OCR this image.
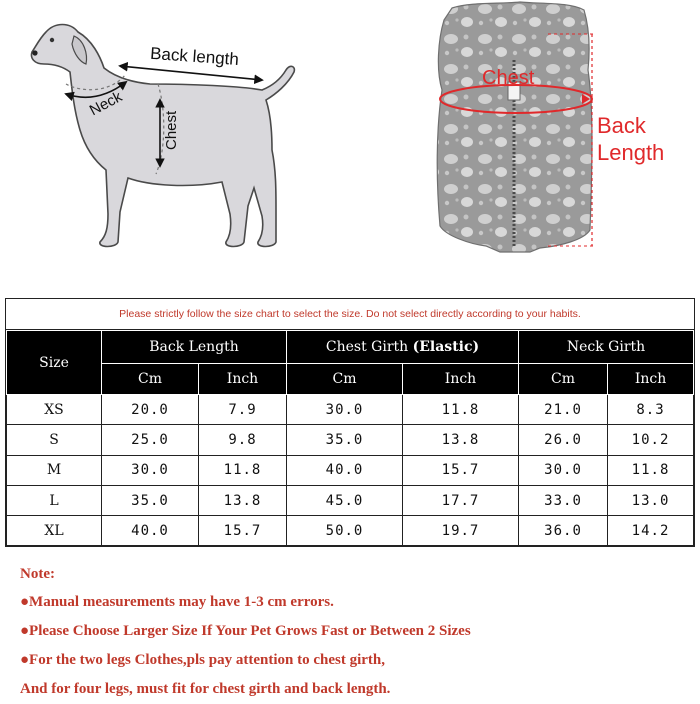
Back length
Neck
Chest
Chest
Back
Length
Please strictly follow the size chart to select the size. Do not select directly according to your habits.
Size	Back Length		Chest Girth (Elastic)		Neck Girth	
	Cm	Inch	Cm	Inch	Cm	Inch
XS	20.0	7.9	30.0	11.8	21.0	8.3
S	25.0	9.8	35.0	13.8	26.0	10.2
M	30.0	11.8	40.0	15.7	30.0	11.8
L	35.0	13.8	45.0	17.7	33.0	13.0
XL	40.0	15.7	50.0	19.7	36.0	14.2
Note:
●Manual measurements may have 1-3 cm errors.
●Please Choose Larger Size If Your Pet Grows Fast or Between 2 Sizes
●For the two legs Clothes,pls pay attention to chest girth,
And for four legs, must fit for chest girth and back length.
